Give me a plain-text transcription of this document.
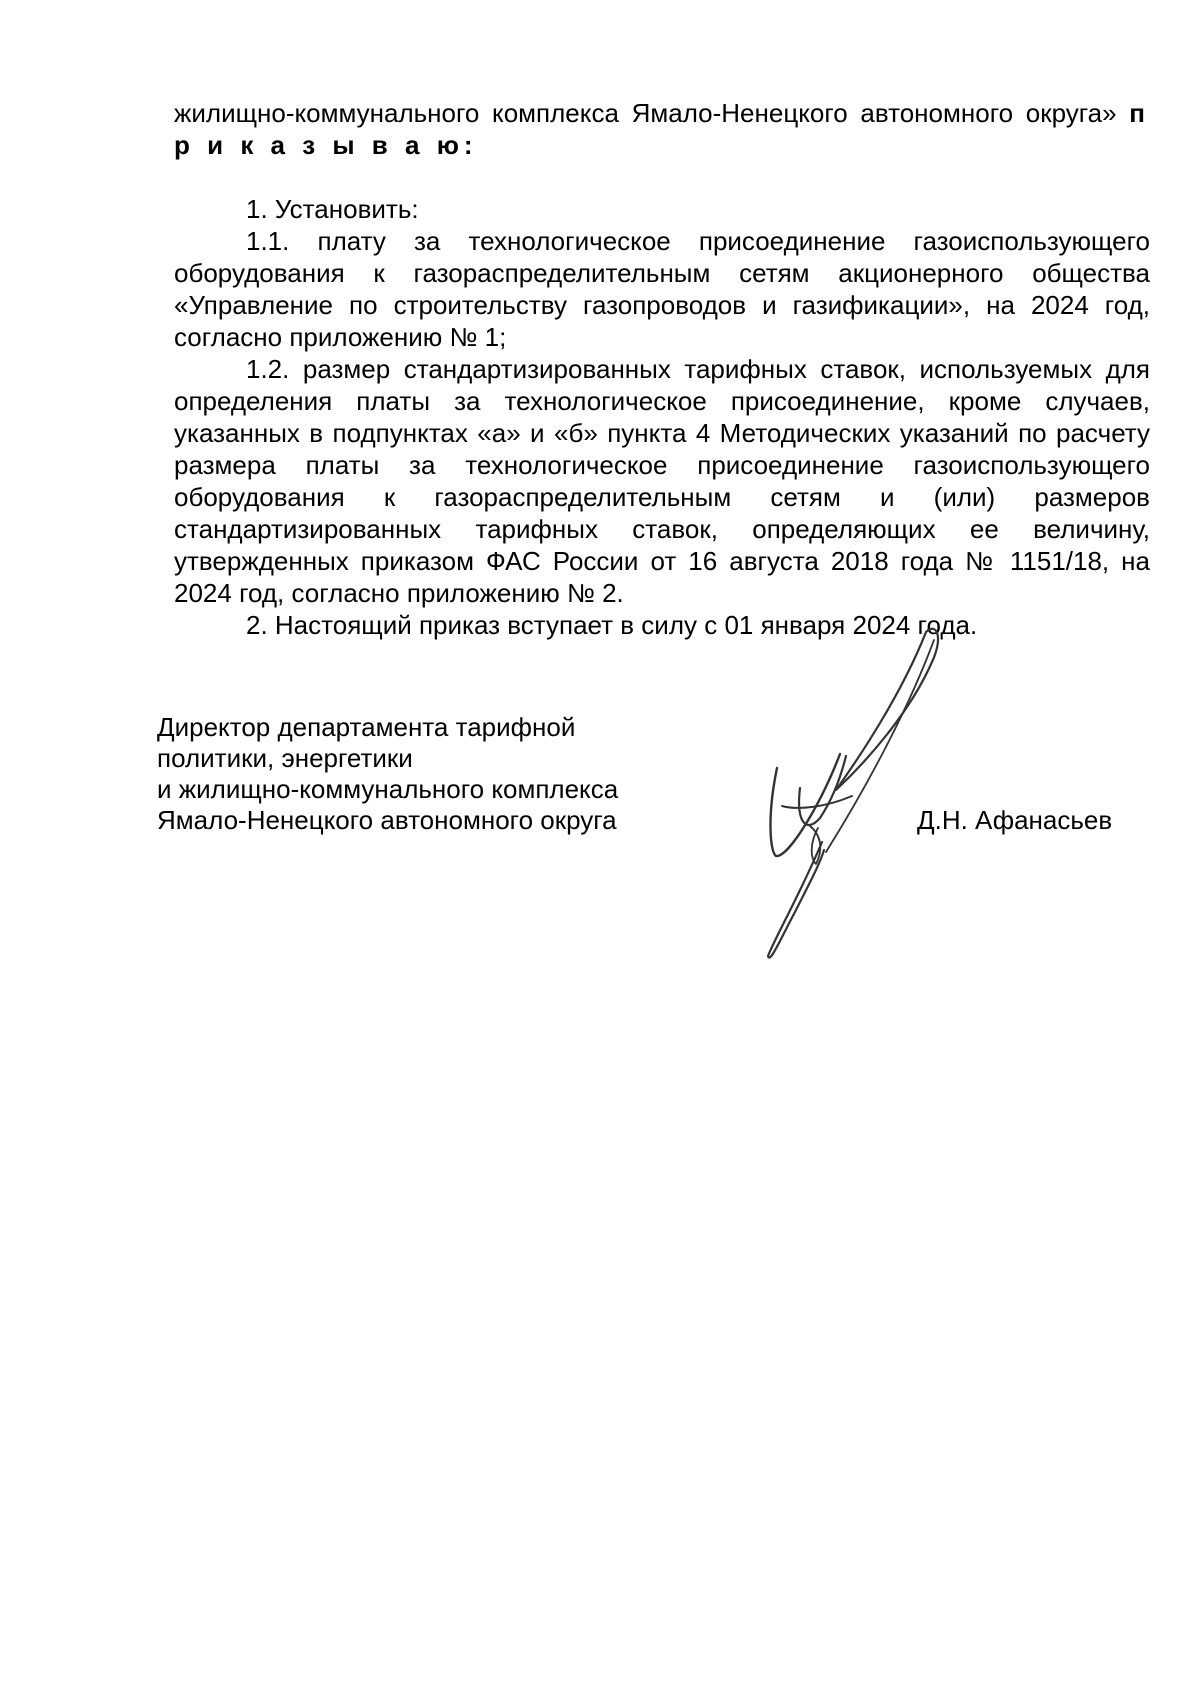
жилищно-коммунального комплекса Ямало-Ненецкого автономного округа» п р и к а з ы в а ю:

1. Установить:

1.1. плату за технологическое присоединение газоиспользующего оборудования к газораспределительным сетям акционерного общества «Управление по строительству газопроводов и газификации», на 2024 год, согласно приложению № 1;

1.2. размер стандартизированных тарифных ставок, используемых для определения платы за технологическое присоединение, кроме случаев, указанных в подпунктах «а» и «б» пункта 4 Методических указаний по расчету размера платы за технологическое присоединение газоиспользующего оборудования к газораспределительным сетям и (или) размеров стандартизированных тарифных ставок, определяющих ее величину, утвержденных приказом ФАС России от 16 августа 2018 года № 1151/18, на 2024 год, согласно приложению № 2.

2. Настоящий приказ вступает в силу с 01 января 2024 года.

Директор департамента тарифной
политики, энергетики
и жилищно-коммунального комплекса
Ямало-Ненецкого автономного округа	Д.Н. Афанасьев
